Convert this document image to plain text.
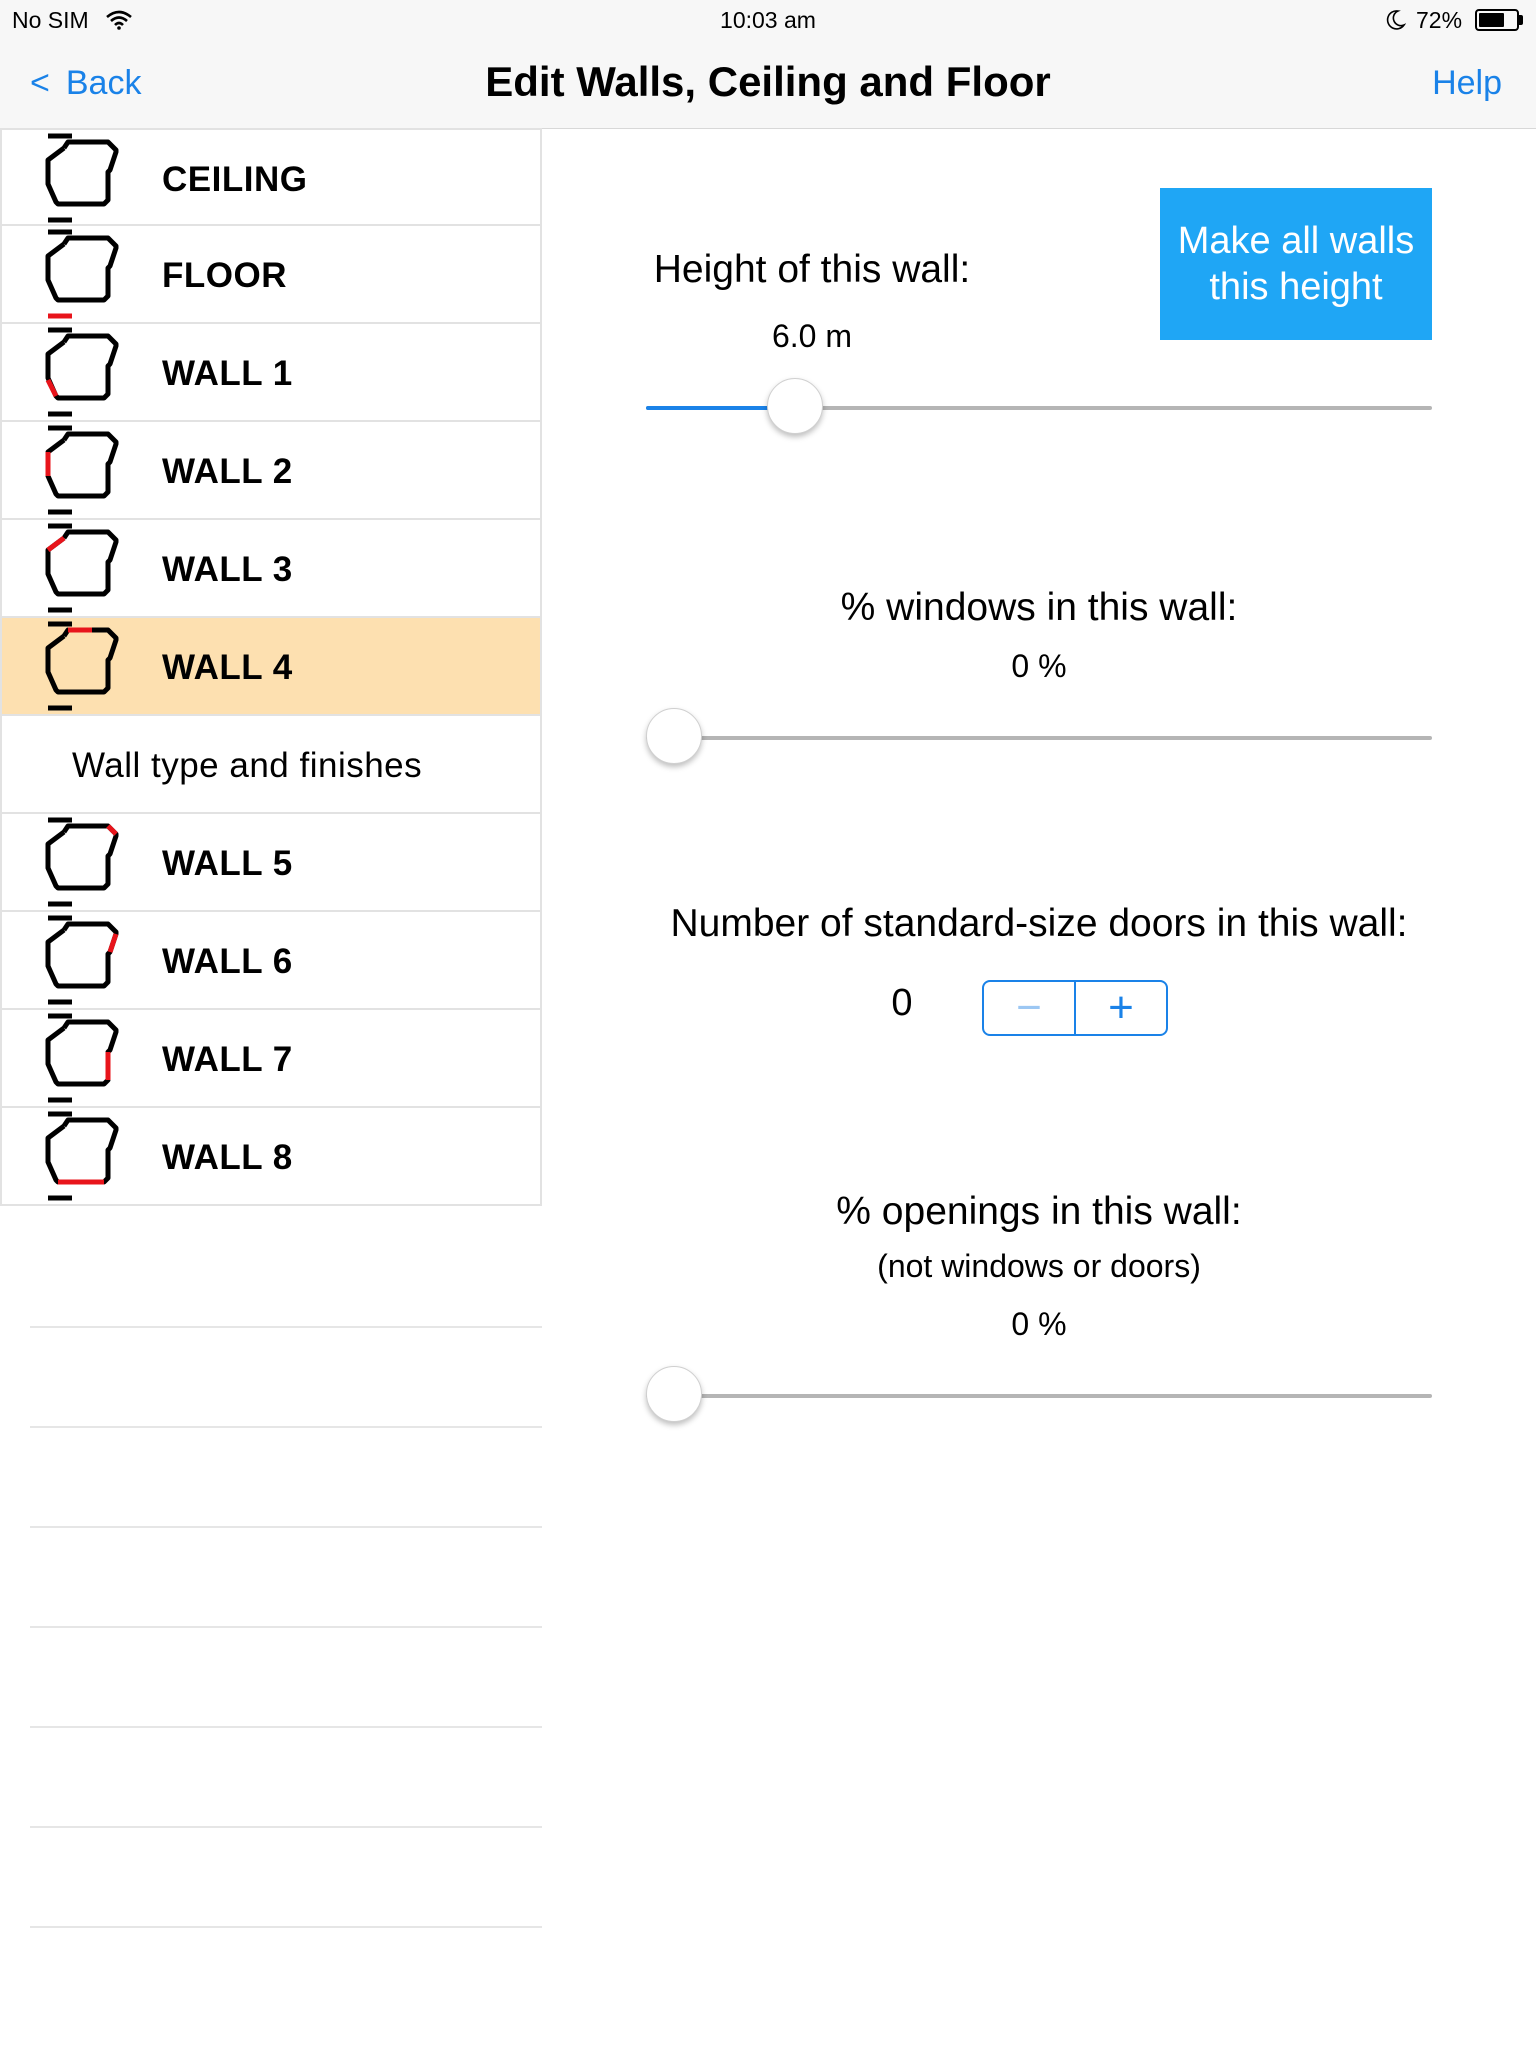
No SIM	10:03 am	72%
< Back	Edit Walls, Ceiling and Floor	Help
CEILING
FLOOR
WALL 1
WALL 2
WALL 3
WALL 4
Wall type and finishes
WALL 5
WALL 6
WALL 7
WALL 8
Height of this wall:
6.0 m
Make all walls
this height
% windows in this wall:
0 %
Number of standard-size doors in this wall:
0	−	+
% openings in this wall:
(not windows or doors)
0 %
